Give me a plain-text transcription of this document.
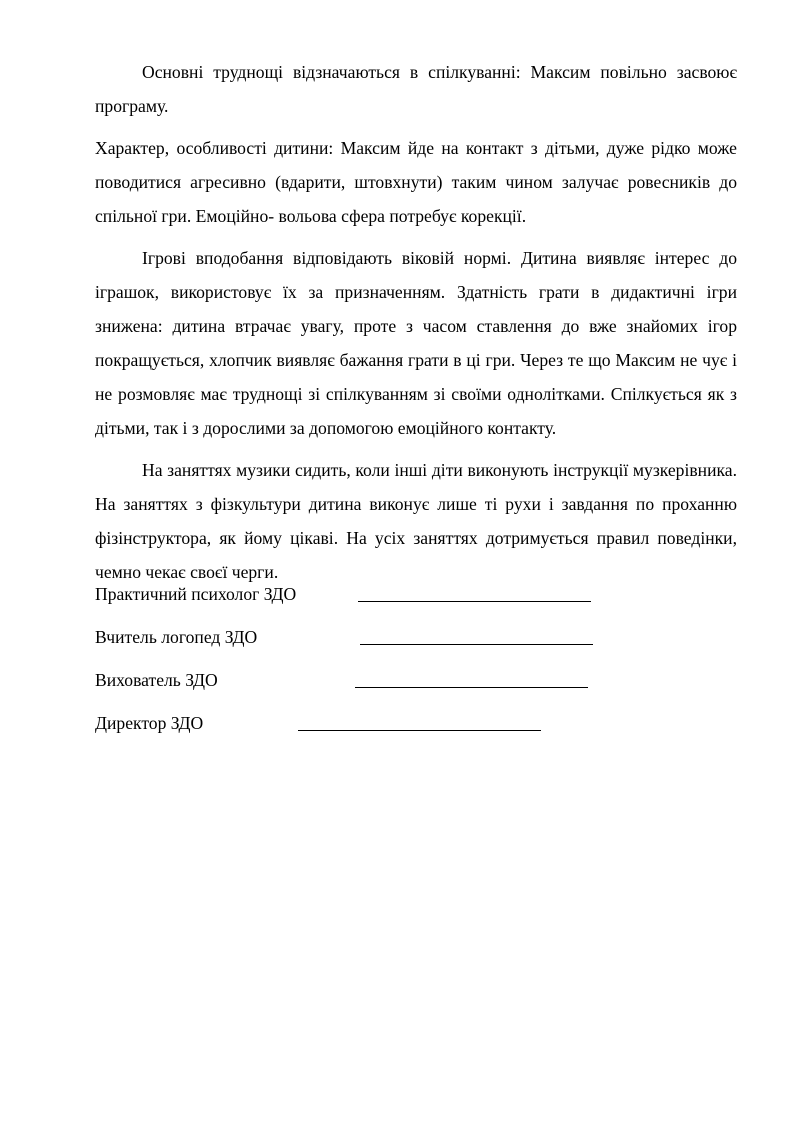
Основні труднощі відзначаються в спілкуванні: Максим повільно засвоює програму.

Характер, особливості дитини: Максим йде на контакт з дітьми, дуже рідко може поводитися агресивно (вдарити, штовхнути) таким чином залучає ровесників до спільної гри. Емоційно- вольова сфера потребує корекції.

Ігрові вподобання відповідають віковій нормі. Дитина виявляє інтерес до іграшок, використовує їх за призначенням. Здатність грати в дидактичні ігри знижена: дитина втрачає увагу, проте з часом ставлення до вже знайомих ігор покращується, хлопчик виявляє бажання грати в ці гри. Через те що Максим не чує і не розмовляє має труднощі зі спілкуванням зі своїми однолітками. Спілкується як з дітьми, так і з дорослими за допомогою емоційного контакту.

На заняттях музики сидить, коли інші діти виконують інструкції музкерівника. На заняттях з фізкультури дитина виконує лише ті рухи і завдання по проханню фізінструктора, як йому цікаві. На усіх заняттях дотримується правил поведінки, чемно чекає своєї черги.

Практичний психолог ЗДО
Вчитель логопед ЗДО
Вихователь ЗДО
Директор ЗДО
